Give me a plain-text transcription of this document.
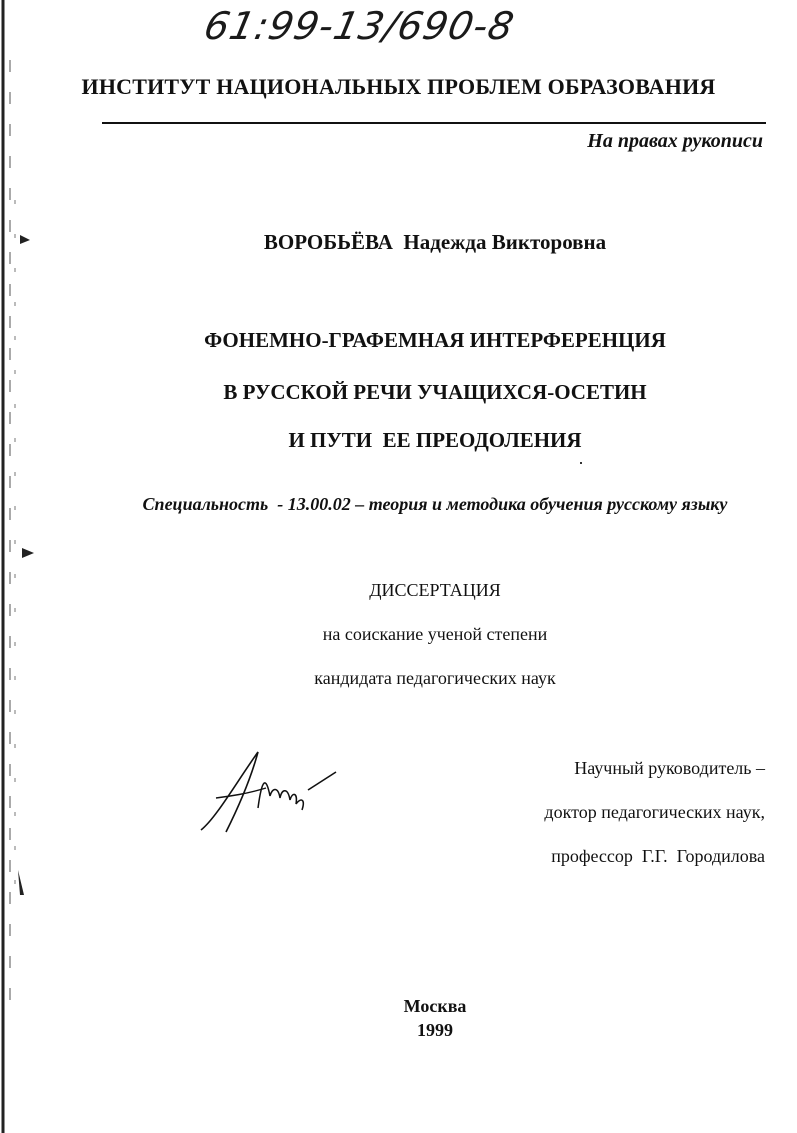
61:99-13/690-8
ИНСТИТУТ НАЦИОНАЛЬНЫХ ПРОБЛЕМ ОБРАЗОВАНИЯ
На правах рукописи
ВОРОБЬЁВА Надежда Викторовна
ФОНЕМНО-ГРАФЕМНАЯ ИНТЕРФЕРЕНЦИЯ
В РУССКОЙ РЕЧИ УЧАЩИХСЯ-ОСЕТИН
И ПУТИ  ЕЕ ПРЕОДОЛЕНИЯ
Специальность  - 13.00.02 – теория и методика обучения русскому языку
ДИССЕРТАЦИЯ
на соискание ученой степени
кандидата педагогических наук
Научный руководитель –
доктор педагогических наук,
профессор  Г.Г.  Городилова
Москва
1999
